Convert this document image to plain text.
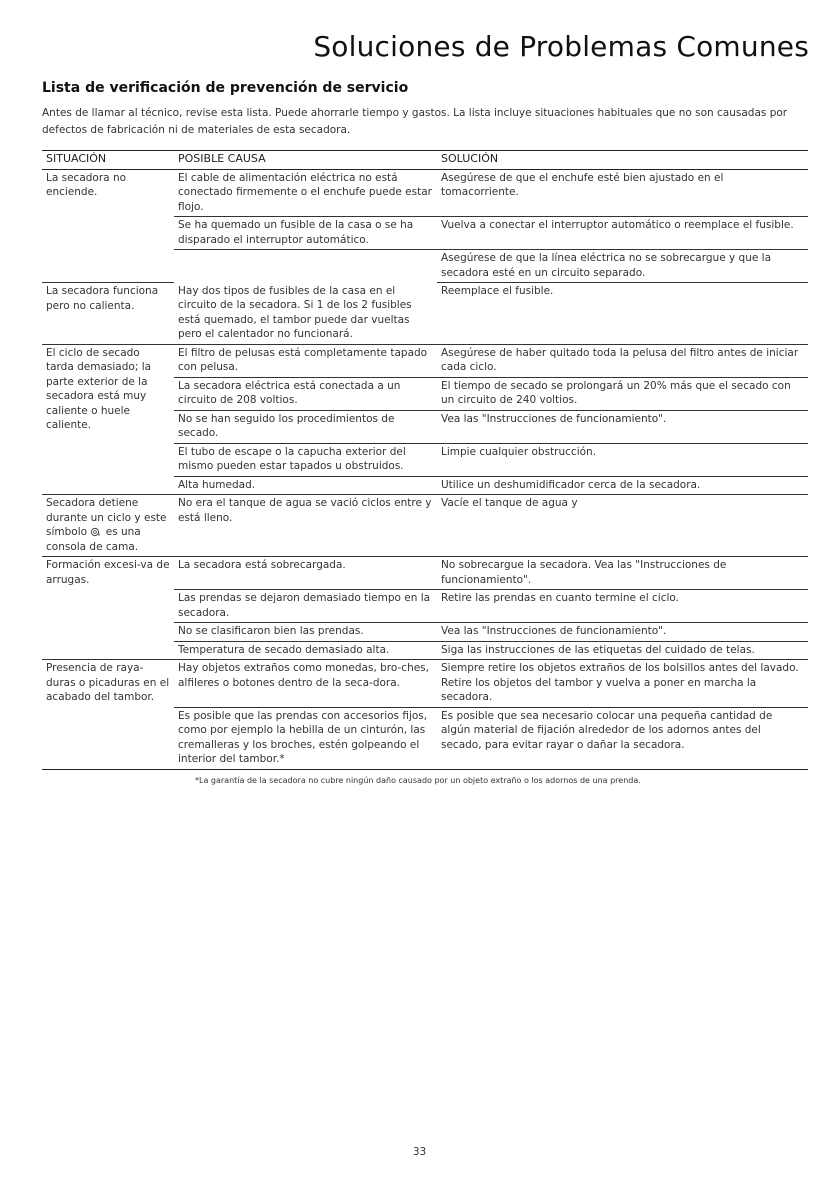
Soluciones de Problemas Comunes
Lista de verificación de prevención de servicio
Antes de llamar al técnico, revise esta lista. Puede ahorrarle tiempo y gastos. La lista incluye situaciones habituales que no son causadas por defectos de fabricación ni de materiales de esta secadora.
SITUACIÓN	POSIBLE CAUSA	SOLUCIÓN
La secadora no enciende.	El cable de alimentación eléctrica no está conectado firmemente o el enchufe puede estar flojo.	Asegúrese de que el enchufe esté bien ajustado en el tomacorriente.
	Se ha quemado un fusible de la casa o se ha disparado el interruptor automático.	Vuelva a conectar el interruptor automático o reemplace el fusible.
		Asegúrese de que la línea eléctrica no se sobrecargue y que la secadora esté en un circuito separado.
La secadora funciona pero no calienta.	Hay dos tipos de fusibles de la casa en el circuito de la secadora. Si 1 de los 2 fusibles está quemado, el tambor puede dar vueltas pero el calentador no funcionará.	Reemplace el fusible.
El ciclo de secado tarda demasiado; la parte exterior de la secadora está muy caliente o huele caliente.	El filtro de pelusas está completamente tapado con pelusa.	Asegúrese de haber quitado toda la pelusa del filtro antes de iniciar cada ciclo.
	La secadora eléctrica está conectada a un circuito de 208 voltios.	El tiempo de secado se prolongará un 20% más que el secado con un circuito de 240 voltios.
	No se han seguido los procedimientos de secado.	Vea las "Instrucciones de funcionamiento".
	El tubo de escape o la capucha exterior del mismo pueden estar tapados u obstruidos.	Limpie cualquier obstrucción.
	Alta humedad.	Utilice un deshumidificador cerca de la secadora.
Secadora detiene durante un ciclo y este símbolo es una consola de cama.	No era el tanque de agua se vació ciclos entre y está lleno.	Vacíe el tanque de agua y
Formación excesi-va de arrugas.	La secadora está sobrecargada.	No sobrecargue la secadora. Vea las "Instrucciones de funcionamiento".
	Las prendas se dejaron demasiado tiempo en la secadora.	Retire las prendas en cuanto termine el ciclo.
	No se clasificaron bien las prendas.	Vea las "Instrucciones de funcionamiento".
	Temperatura de secado demasiado alta.	Siga las instrucciones de las etiquetas del cuidado de telas.
Presencia de raya-duras o picaduras en el acabado del tambor.	Hay objetos extraños como monedas, bro-ches, alfileres o botones dentro de la seca-dora.	Siempre retire los objetos extraños de los bolsillos antes del lavado. Retire los objetos del tambor y vuelva a poner en marcha la secadora.
	Es posible que las prendas con accesorios fijos, como por ejemplo la hebilla de un cinturón, las cremalleras y los broches, estén golpeando el interior del tambor.*	Es posible que sea necesario colocar una pequeña cantidad de algún material de fijación alrededor de los adornos antes del secado, para evitar rayar o dañar la secadora.
*La garantía de la secadora no cubre ningún daño causado por un objeto extraño o los adornos de una prenda.
33
